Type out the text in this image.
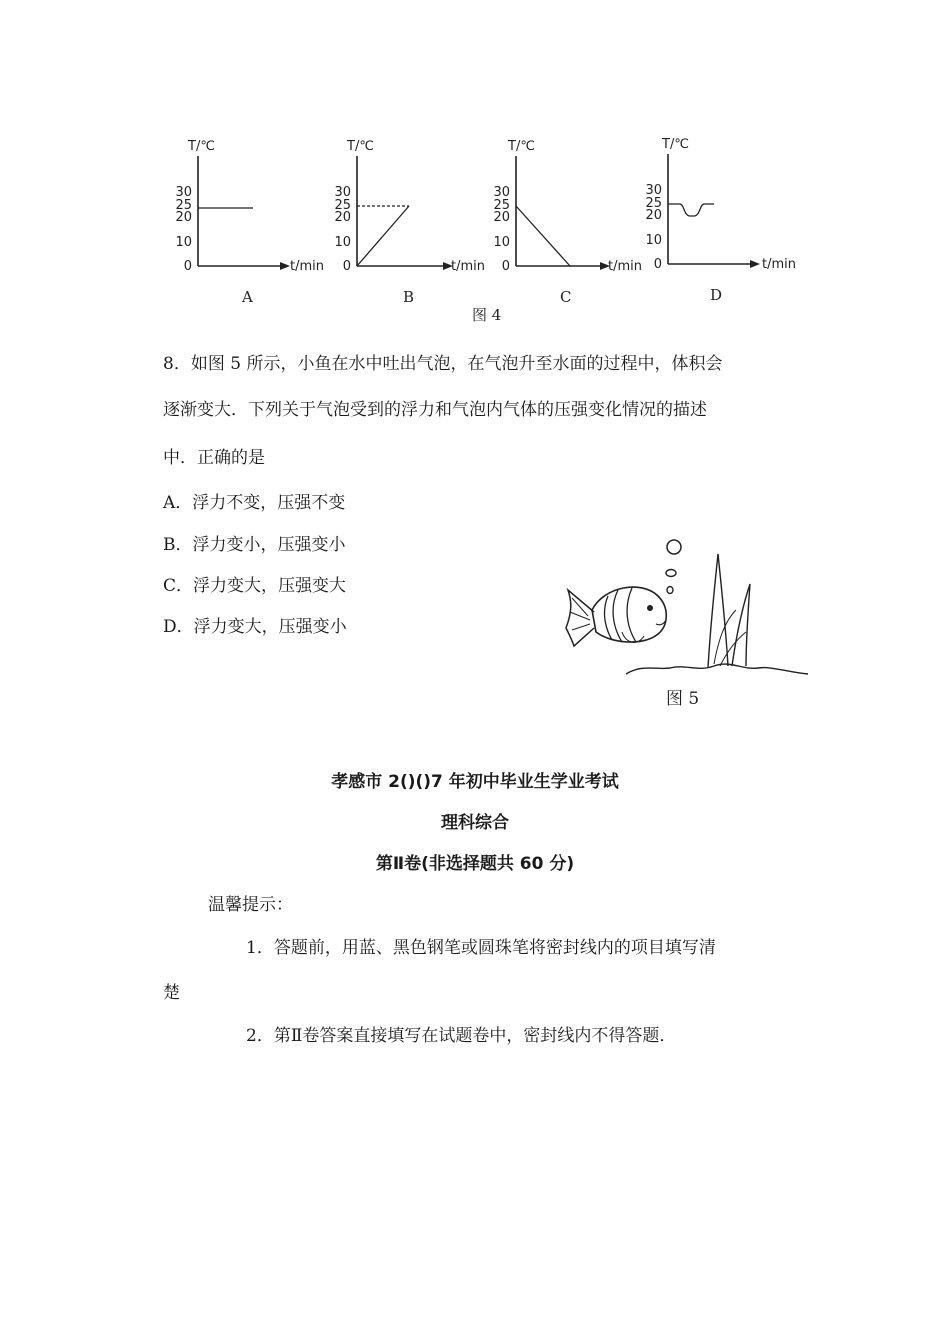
T/℃
t/min
30
25
20
10
0
A
T/℃
t/min
30
25
20
10
0
B
T/℃
t/min
30
25
20
10
0
C
T/℃
t/min
30
25
20
10
0
D
图 4
8．如图 5 所示，小鱼在水中吐出气泡，在气泡升至水面的过程中，体积会
逐渐变大．下列关于气泡受到的浮力和气泡内气体的压强变化情况的描述
中．正确的是
A．浮力不变，压强不变
B．浮力变小，压强变小
C．浮力变大，压强变大
D．浮力变大，压强变小
图 5
孝感市 2()()7 年初中毕业生学业考试
理科综合
第Ⅱ卷(非选择题共 60 分)
温馨提示：
1．答题前，用蓝、黑色钢笔或圆珠笔将密封线内的项目填写清
楚
2．第Ⅱ卷答案直接填写在试题卷中，密封线内不得答题．
